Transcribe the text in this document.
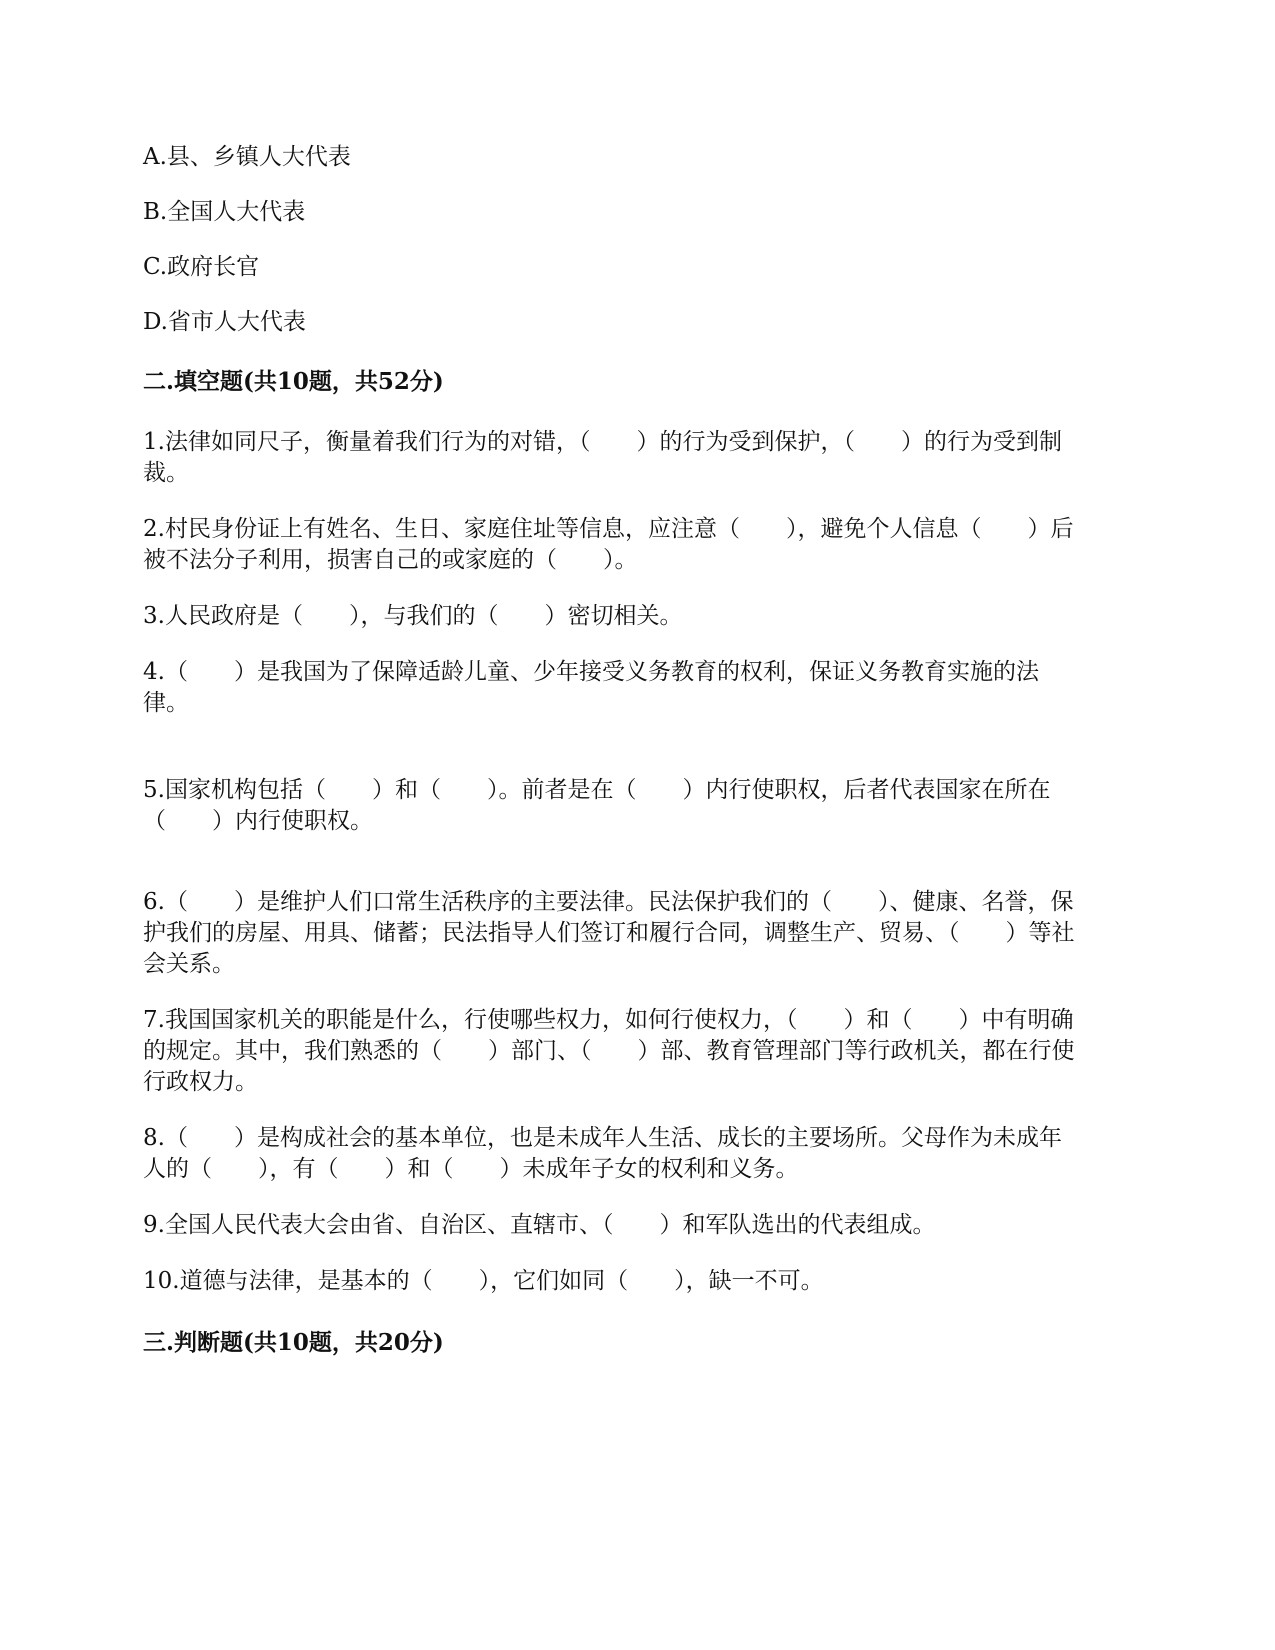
A.县、乡镇人大代表

B.全国人大代表

C.政府长官

D.省市人大代表

二.填空题(共10题，共52分)

1.法律如同尺子，衡量着我们行为的对错，（　　）的行为受到保护，（　　）的行为受到制裁。

2.村民身份证上有姓名、生日、家庭住址等信息，应注意（　　），避免个人信息（　　）后被不法分子利用，损害自己的或家庭的（　　）。

3.人民政府是（　　），与我们的（　　）密切相关。

4.（　　）是我国为了保障适龄儿童、少年接受义务教育的权利，保证义务教育实施的法律。

5.国家机构包括（　　）和（　　）。前者是在（　　）内行使职权，后者代表国家在所在（　　）内行使职权。

6.（　　）是维护人们口常生活秩序的主要法律。民法保护我们的（　　）、健康、名誉，保护我们的房屋、用具、储蓄；民法指导人们签订和履行合同，调整生产、贸易、（　　）等社会关系。

7.我国国家机关的职能是什么，行使哪些权力，如何行使权力，（　　）和（　　）中有明确的规定。其中，我们熟悉的（　　）部门、（　　）部、教育管理部门等行政机关，都在行使行政权力。

8.（　　）是构成社会的基本单位，也是未成年人生活、成长的主要场所。父母作为未成年人的（　　），有（　　）和（　　）未成年子女的权利和义务。

9.全国人民代表大会由省、自治区、直辖市、（　　）和军队选出的代表组成。

10.道德与法律，是基本的（　　），它们如同（　　），缺一不可。

三.判断题(共10题，共20分)
